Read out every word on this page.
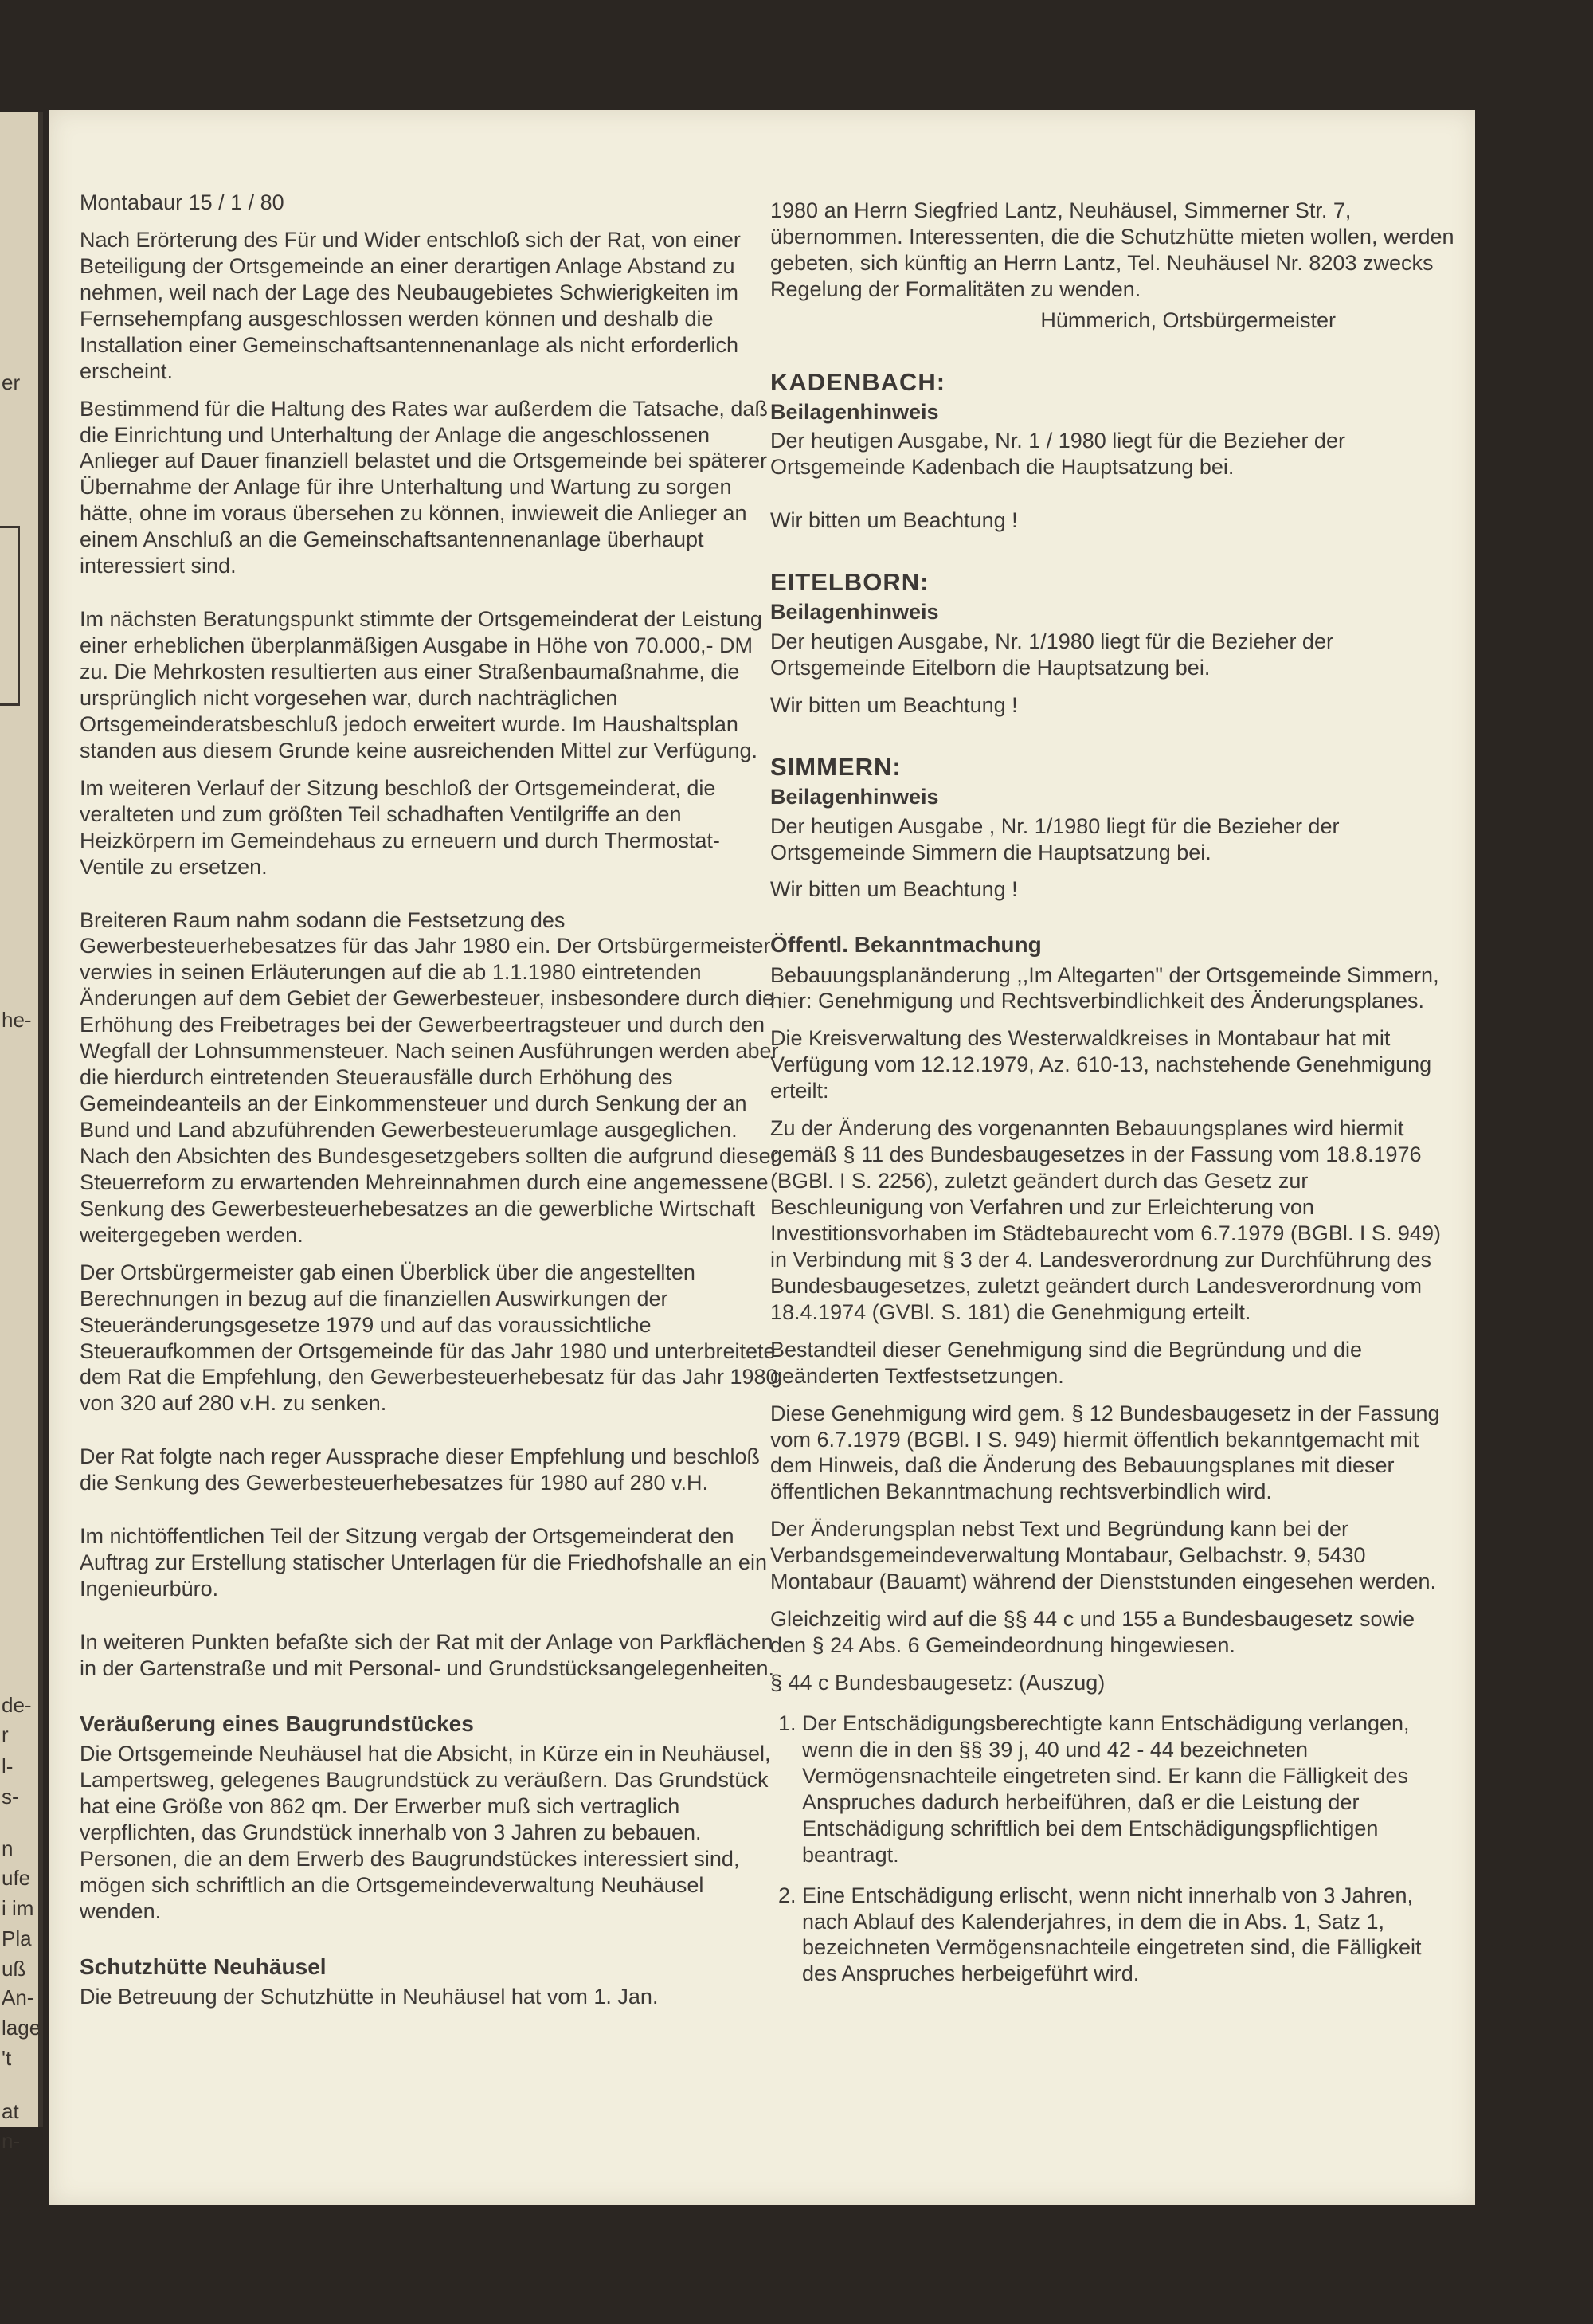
er
he-
de-
r
l-
s-
n
ufe
i im
Pla
uß
An-
lage
't
at
n-

Montabaur 15 / 1 / 80

Nach Erörterung des Für und Wider entschloß sich der Rat, von einer Beteiligung der Ortsgemeinde an einer derartigen Anlage Abstand zu nehmen, weil nach der Lage des Neubaugebietes Schwierigkeiten im Fernsehempfang ausgeschlossen werden können und deshalb die Installation einer Gemeinschaftsantennenanlage als nicht erforderlich erscheint.

Bestimmend für die Haltung des Rates war außerdem die Tatsache, daß die Einrichtung und Unterhaltung der Anlage die angeschlossenen Anlieger auf Dauer finanziell belastet und die Ortsgemeinde bei späterer Übernahme der Anlage für ihre Unterhaltung und Wartung zu sorgen hätte, ohne im voraus übersehen zu können, inwieweit die Anlieger an einem Anschluß an die Gemeinschaftsantennenanlage überhaupt interessiert sind.

Im nächsten Beratungspunkt stimmte der Ortsgemeinderat der Leistung einer erheblichen überplanmäßigen Ausgabe in Höhe von 70.000,- DM zu. Die Mehrkosten resultierten aus einer Straßenbaumaßnahme, die ursprünglich nicht vorgesehen war, durch nachträglichen Ortsgemeinderatsbeschluß jedoch erweitert wurde. Im Haushaltsplan standen aus diesem Grunde keine ausreichenden Mittel zur Verfügung.

Im weiteren Verlauf der Sitzung beschloß der Ortsgemeinderat, die veralteten und zum größten Teil schadhaften Ventilgriffe an den Heizkörpern im Gemeindehaus zu erneuern und durch Thermostat-Ventile zu ersetzen.

Breiteren Raum nahm sodann die Festsetzung des Gewerbesteuerhebesatzes für das Jahr 1980 ein. Der Ortsbürgermeister verwies in seinen Erläuterungen auf die ab 1.1.1980 eintretenden Änderungen auf dem Gebiet der Gewerbesteuer, insbesondere durch die Erhöhung des Freibetrages bei der Gewerbeertragsteuer und durch den Wegfall der Lohnsummensteuer. Nach seinen Ausführungen werden aber die hierdurch eintretenden Steuerausfälle durch Erhöhung des Gemeindeanteils an der Einkommensteuer und durch Senkung der an Bund und Land abzuführenden Gewerbesteuerumlage ausgeglichen. Nach den Absichten des Bundesgesetzgebers sollten die aufgrund dieser Steuerreform zu erwartenden Mehreinnahmen durch eine angemessene Senkung des Gewerbesteuerhebesatzes an die gewerbliche Wirtschaft weitergegeben werden.

Der Ortsbürgermeister gab einen Überblick über die angestellten Berechnungen in bezug auf die finanziellen Auswirkungen der Steueränderungsgesetze 1979 und auf das voraussichtliche Steueraufkommen der Ortsgemeinde für das Jahr 1980 und unterbreitete dem Rat die Empfehlung, den Gewerbesteuerhebesatz für das Jahr 1980 von 320 auf 280 v.H. zu senken.

Der Rat folgte nach reger Aussprache dieser Empfehlung und beschloß die Senkung des Gewerbesteuerhebesatzes für 1980 auf 280 v.H.

Im nichtöffentlichen Teil der Sitzung vergab der Ortsgemeinderat den Auftrag zur Erstellung statischer Unterlagen für die Friedhofshalle an ein Ingenieurbüro.

In weiteren Punkten befaßte sich der Rat mit der Anlage von Parkflächen in der Gartenstraße und mit Personal- und Grundstücksangelegenheiten.

Veräußerung eines Baugrundstückes

Die Ortsgemeinde Neuhäusel hat die Absicht, in Kürze ein in Neuhäusel, Lampertsweg, gelegenes Baugrundstück zu veräußern. Das Grundstück hat eine Größe von 862 qm. Der Erwerber muß sich vertraglich verpflichten, das Grundstück innerhalb von 3 Jahren zu bebauen. Personen, die an dem Erwerb des Baugrundstückes interessiert sind, mögen sich schriftlich an die Ortsgemeindeverwaltung Neuhäusel wenden.

Schutzhütte Neuhäusel

Die Betreuung der Schutzhütte in Neuhäusel hat vom 1. Jan.

1980 an Herrn Siegfried Lantz, Neuhäusel, Simmerner Str. 7, übernommen. Interessenten, die die Schutzhütte mieten wollen, werden gebeten, sich künftig an Herrn Lantz, Tel. Neuhäusel Nr. 8203 zwecks Regelung der Formalitäten zu wenden.

Hümmerich, Ortsbürgermeister

KADENBACH:
Beilagenhinweis

Der heutigen Ausgabe, Nr. 1 / 1980 liegt für die Bezieher der Ortsgemeinde Kadenbach die Hauptsatzung bei.

Wir bitten um Beachtung !

EITELBORN:
Beilagenhinweis

Der heutigen Ausgabe, Nr. 1/1980 liegt für die Bezieher der Ortsgemeinde Eitelborn die Hauptsatzung bei.

Wir bitten um Beachtung !

SIMMERN:
Beilagenhinweis

Der heutigen Ausgabe , Nr. 1/1980 liegt für die Bezieher der Ortsgemeinde Simmern die Hauptsatzung bei.

Wir bitten um Beachtung !

Öffentl. Bekanntmachung

Bebauungsplanänderung ,,Im Altegarten" der Ortsgemeinde Simmern, hier: Genehmigung und Rechtsverbindlichkeit des Änderungsplanes.

Die Kreisverwaltung des Westerwaldkreises in Montabaur hat mit Verfügung vom 12.12.1979, Az. 610-13, nachstehende Genehmigung erteilt:

Zu der Änderung des vorgenannten Bebauungsplanes wird hiermit gemäß § 11 des Bundesbaugesetzes in der Fassung vom 18.8.1976 (BGBl. I S. 2256), zuletzt geändert durch das Gesetz zur Beschleunigung von Verfahren und zur Erleichterung von Investitionsvorhaben im Städtebaurecht vom 6.7.1979 (BGBl. I S. 949) in Verbindung mit § 3 der 4. Landesverordnung zur Durchführung des Bundesbaugesetzes, zuletzt geändert durch Landesverordnung vom 18.4.1974 (GVBl. S. 181) die Genehmigung erteilt.

Bestandteil dieser Genehmigung sind die Begründung und die geänderten Textfestsetzungen.

Diese Genehmigung wird gem. § 12 Bundesbaugesetz in der Fassung vom 6.7.1979 (BGBl. I S. 949) hiermit öffentlich bekanntgemacht mit dem Hinweis, daß die Änderung des Bebauungsplanes mit dieser öffentlichen Bekanntmachung rechtsverbindlich wird.

Der Änderungsplan nebst Text und Begründung kann bei der Verbandsgemeindeverwaltung Montabaur, Gelbachstr. 9, 5430 Montabaur (Bauamt) während der Dienststunden eingesehen werden.

Gleichzeitig wird auf die §§ 44 c und 155 a Bundesbaugesetz sowie den § 24 Abs. 6 Gemeindeordnung hingewiesen.

§ 44 c Bundesbaugesetz: (Auszug)

1. Der Entschädigungsberechtigte kann Entschädigung verlangen, wenn die in den §§ 39 j, 40 und 42 - 44 bezeichneten Vermögensnachteile eingetreten sind. Er kann die Fälligkeit des Anspruches dadurch herbeiführen, daß er die Leistung der Entschädigung schriftlich bei dem Entschädigungspflichtigen beantragt.
2. Eine Entschädigung erlischt, wenn nicht innerhalb von 3 Jahren, nach Ablauf des Kalenderjahres, in dem die in Abs. 1, Satz 1, bezeichneten Vermögensnachteile eingetreten sind, die Fälligkeit des Anspruches herbeigeführt wird.
